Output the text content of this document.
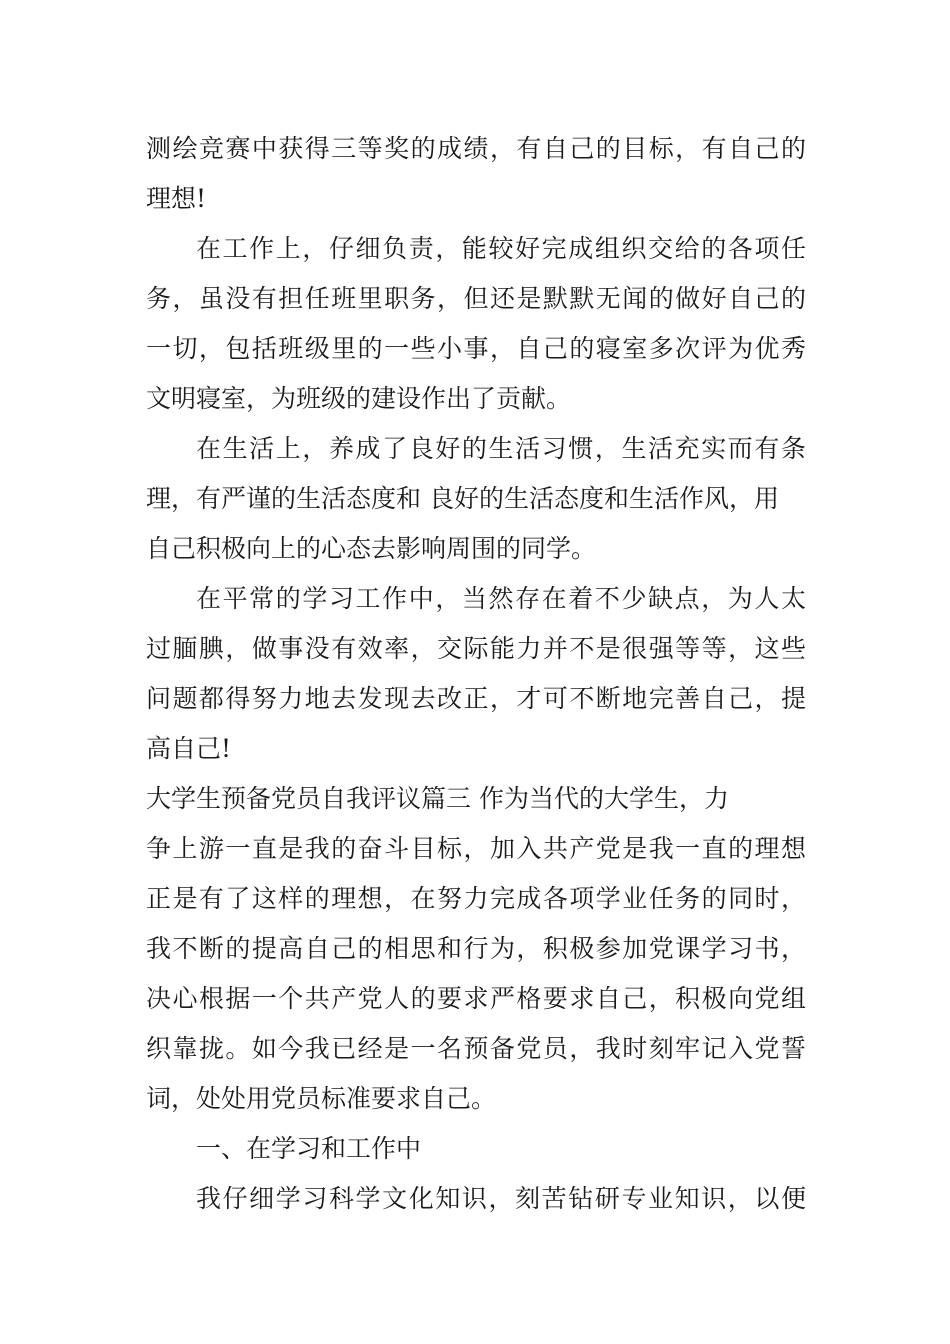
测绘竞赛中获得三等奖的成绩，有自己的目标，有自己的
理想!
在工作上，仔细负责，能较好完成组织交给的各项任
务，虽没有担任班里职务，但还是默默无闻的做好自己的
一切，包括班级里的一些小事，自己的寝室多次评为优秀
文明寝室，为班级的建设作出了贡献。
在生活上，养成了良好的生活习惯，生活充实而有条
理，有严谨的生活态度和 良好的生活态度和生活作风，用
自己积极向上的心态去影响周围的同学。
在平常的学习工作中，当然存在着不少缺点，为人太
过腼腆，做事没有效率，交际能力并不是很强等等，这些
问题都得努力地去发现去改正，才可不断地完善自己，提
高自己!
大学生预备党员自我评议篇三 作为当代的大学生，力
争上游一直是我的奋斗目标，加入共产党是我一直的理想
正是有了这样的理想，在努力完成各项学业任务的同时，
我不断的提高自己的相思和行为，积极参加党课学习书，
决心根据一个共产党人的要求严格要求自己，积极向党组
织靠拢。如今我已经是一名预备党员，我时刻牢记入党誓
词，处处用党员标准要求自己。
一、在学习和工作中
我仔细学习科学文化知识，刻苦钻研专业知识，以便
